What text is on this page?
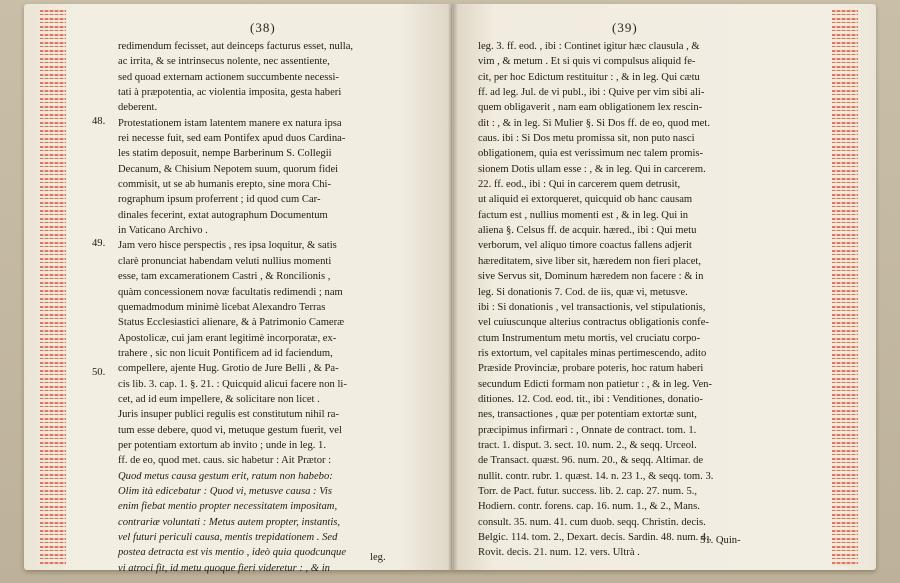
(38)	(39)
48.
49.
50.
redimendum fecisset, aut deinceps facturus esset, nulla,
ac irrita, & se intrinsecus nolente, nec assentiente,
sed quoad externam actionem succumbente necessi-
tati à præpotentia, ac violentia imposita, gesta haberi
deberent.
Protestationem istam latentem manere ex natura ipsa
rei necesse fuit, sed eam Pontifex apud duos Cardina-
les statim deposuit, nempe Barberinum S. Collegii
Decanum, & Chisium Nepotem suum, quorum fidei
commisit, ut se ab humanis erepto, sine mora Chi-
rographum ipsum proferrent ; id quod cum Car-
dinales fecerint, extat autographum Documentum
in Vaticano Archivo .
Jam vero hisce perspectis , res ipsa loquitur, & satis
clarè pronunciat habendam veluti nullius momenti
esse, tam excamerationem Castri , & Roncilionis ,
quàm concessionem novæ facultatis redimendi ; nam
quemadmodum minimè licebat Alexandro Terras
Status Ecclesiastici alienare, & à Patrimonio Cameræ
Apostolicæ, cui jam erant legitimè incorporatæ, ex-
trahere , sic non licuit Pontificem ad id faciendum,
compellere, ajente Hug. Grotio de Jure Belli , & Pa-
cis lib. 3. cap. 1. §. 21. : Quicquid alicui facere non li-
cet, ad id eum impellere, & solicitare non licet .
Juris insuper publici regulis est constitutum nihil ra-
tum esse debere, quod vi, metuque gestum fuerit, vel
per potentiam extortum ab invito ; unde in leg. 1.
ff. de eo, quod met. caus. sic habetur : Ait Prætor :
Quod metus causa gestum erit, ratum non habebo:
Olim ità edicebatur : Quod vi, metusve causa : Vis
enim fiebat mentio propter necessitatem impositam,
contrariæ voluntati : Metus autem propter, instantis,
vel futuri periculi causa, mentis trepidationem . Sed
postea detracta est vis mentio , ideò quia quodcunque
vi atroci fit, id metu quoque fieri videretur : , & in
leg.
leg. 3. ff. eod. , ibi : Continet igitur hæc clausula , &
vim , & metum . Et si quis vi compulsus aliquid fe-
cit, per hoc Edictum restituitur : , & in leg. Qui cætu
ff. ad leg. Jul. de vi publ., ibi : Quive per vim sibi ali-
quem obligaverit , nam eam obligationem lex rescin-
dit : , & in leg. Si Mulier §. Si Dos ff. de eo, quod met.
caus. ibi : Si Dos metu promissa sit, non puto nasci
obligationem, quia est verissimum nec talem promis-
sionem Dotis ullam esse : , & in leg. Qui in carcerem.
22. ff. eod., ibi : Qui in carcerem quem detrusit,
ut aliquid ei extorqueret, quicquid ob hanc causam
factum est , nullius momenti est , & in leg. Qui in
aliena §. Celsus ff. de acquir. hæred., ibi : Qui metu
verborum, vel aliquo timore coactus fallens adjerit
hæreditatem, sive liber sit, hæredem non fieri placet,
sive Servus sit, Dominum hæredem non facere : & in
leg. Si donationis 7. Cod. de iis, quæ vi, metusve.
ibi : Si donationis , vel transactionis, vel stipulationis,
vel cuiuscunque alterius contractus obligationis confe-
ctum Instrumentum metu mortis, vel cruciatu corpo-
ris extortum, vel capitales minas pertimescendo, adito
Præside Provinciæ, probare poteris, hoc ratum haberi
secundum Edicti formam non patietur : , & in leg. Ven-
ditiones. 12. Cod. eod. tit., ibi : Venditiones, donatio-
nes, transactiones , quæ per potentiam extortæ sunt,
præcipimus infirmari : , Onnate de contract. tom. 1.
tract. 1. disput. 3. sect. 10. num. 2., & seqq. Urceol.
de Transact. quæst. 96. num. 20., & seqq. Altimar. de
nullit. contr. rubr. 1. quæst. 14. n. 23 1., & seqq. tom. 3.
Torr. de Pact. futur. success. lib. 2. cap. 27. num. 5.,
Hodiern. contr. forens. cap. 16. num. 1., & 2., Mans.
consult. 35. num. 41. cum duob. seqq. Christin. decis.
Belgic. 114. tom. 2., Dexart. decis. Sardin. 48. num. 4.,
Rovit. decis. 21. num. 12. vers. Ultrà .
51. Quin-
